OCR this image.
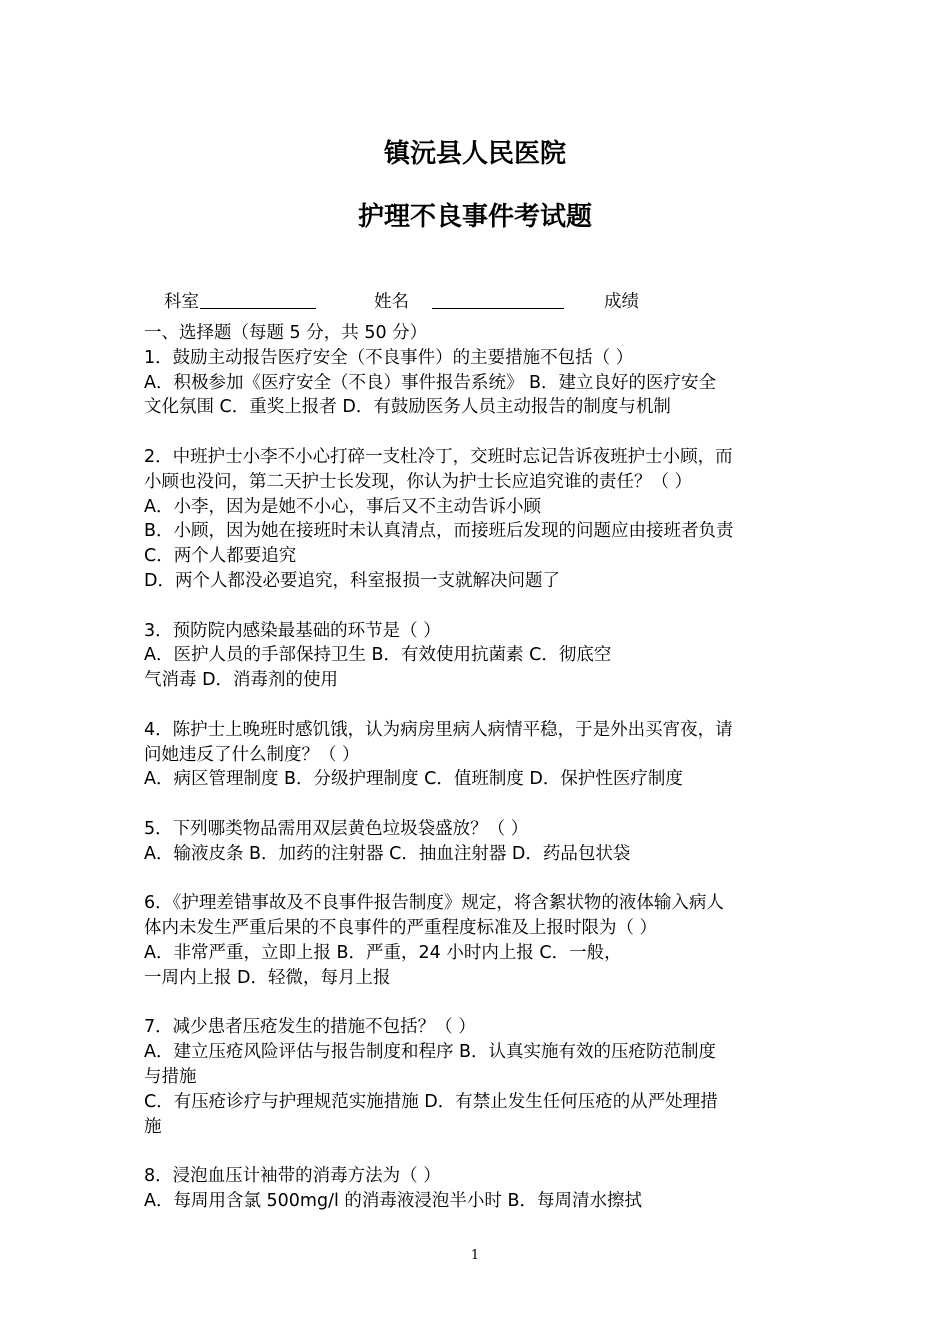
镇沅县人民医院
护理不良事件考试题
科室	姓名	成绩
一、选择题（每题 5 分，共 50 分）
1．鼓励主动报告医疗安全（不良事件）的主要措施不包括（ ）
A．积极参加《医疗安全（不良）事件报告系统》 B．建立良好的医疗安全
文化氛围 C．重奖上报者 D．有鼓励医务人员主动报告的制度与机制
2．中班护士小李不小心打碎一支杜冷丁，交班时忘记告诉夜班护士小顾，而
小顾也没问，第二天护士长发现，你认为护士长应追究谁的责任？（ ）
A．小李，因为是她不小心，事后又不主动告诉小顾
B．小顾，因为她在接班时未认真清点，而接班后发现的问题应由接班者负责
C．两个人都要追究
D．两个人都没必要追究，科室报损一支就解决问题了
3．预防院内感染最基础的环节是（ ）
A．医护人员的手部保持卫生 B．有效使用抗菌素 C．彻底空
气消毒 D．消毒剂的使用
4．陈护士上晚班时感饥饿，认为病房里病人病情平稳，于是外出买宵夜，请
问她违反了什么制度？（ ）
A．病区管理制度 B．分级护理制度 C．值班制度 D．保护性医疗制度
5．下列哪类物品需用双层黄色垃圾袋盛放？（ ）
A．输液皮条 B．加药的注射器 C．抽血注射器 D．药品包状袋
6．《护理差错事故及不良事件报告制度》规定，将含絮状物的液体输入病人
体内未发生严重后果的不良事件的严重程度标准及上报时限为（ ）
A．非常严重，立即上报 B．严重，24 小时内上报 C．一般，
一周内上报 D．轻微，每月上报
7．减少患者压疮发生的措施不包括？（ ）
A．建立压疮风险评估与报告制度和程序 B．认真实施有效的压疮防范制度
与措施
C．有压疮诊疗与护理规范实施措施 D．有禁止发生任何压疮的从严处理措
施
8．浸泡血压计袖带的消毒方法为（ ）
A．每周用含氯 500mg/l 的消毒液浸泡半小时 B．每周清水擦拭
1
